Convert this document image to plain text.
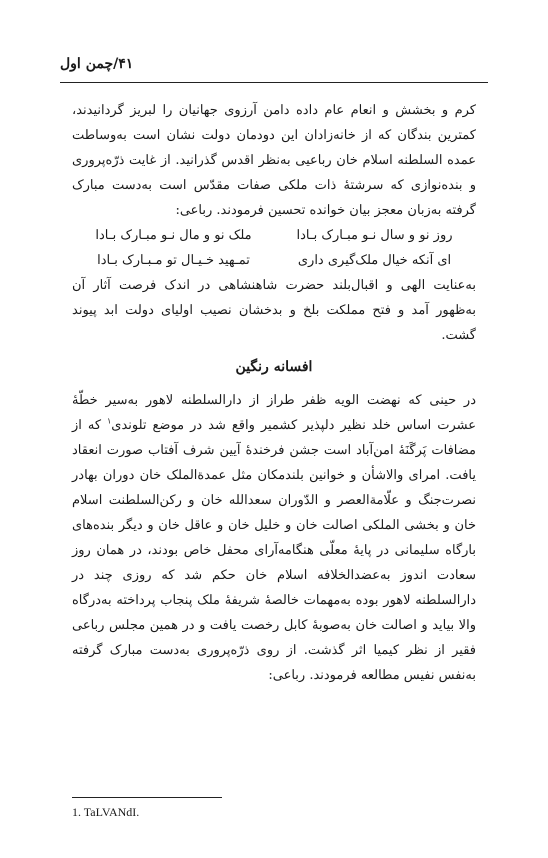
۴۱/چمن اول

کرم و بخشش و انعام عام داده دامن آرزوی جهانیان را لبریز گردانیدند، کمترین بندگان که از خانه‌زادان این دودمان دولت نشان است به‌وساطت عمده السلطنه اسلام خان رباعیی به‌نظر اقدس گذرانید. از غایت ذرّه‌پروری و بنده‌نوازی که سرشتهٔ ذات ملکی صفات مقدّس است به‌دست مبارک گرفته به‌زبان معجز بیان خوانده تحسین فرمودند. رباعی:

روز نو و سال نـو مبـارک بـادا
ملک نو و مال نـو مبـارک بـادا
ای آنکه خیال ملک‌گیری داری
تمـهید خـیـال تو مـبـارک بـادا

به‌عنایت الهی و اقبال‌بلند حضرت شاهنشاهی در اندک فرصت آثار آن به‌ظهور آمد و فتح مملکت بلخ و بدخشان نصیب اولیای دولت ابد پیوند گشت.

افسانه رنگین

در حینی که نهضت الویه ظفر طراز از دارالسلطنه لاهور به‌سیر خطّهٔ عشرت اساس خلد نظیر دلپذیر کشمیر واقع شد در موضع تلوندی$^۱$ که از مضافات پَرگَنَهٔ امن‌آباد است جشن فرخندهٔ آیین شرف آفتاب صورت انعقاد یافت. امرای والاشأن و خوانین بلندمکان مثل عمدةالملک خان دوران بهادر نصرت‌جنگ و علّامةالعصر و الدّوران سعدالله خان و رکن‌السلطنت اسلام خان و بخشی الملکی اصالت خان و خلیل خان و عاقل خان و دیگر بنده‌های بارگاه سلیمانی در پایهٔ معلّی هنگامه‌آرای محفل خاص بودند، در همان روز سعادت اندوز به‌عضدالخلافه اسلام خان حکم شد که روزی چند در دارالسلطنه لاهور بوده به‌مهمات خالصهٔ شریفهٔ ملک پنجاب پرداخته به‌درگاه والا بیاید و اصالت خان به‌صوبهٔ کابل رخصت یافت و در همین مجلس رباعی فقیر از نظر کیمیا اثر گذشت. از روی ذرّه‌پروری به‌دست مبارک گرفته به‌نفس نفیس مطالعه فرمودند. رباعی:

1. TaLVANdI.
